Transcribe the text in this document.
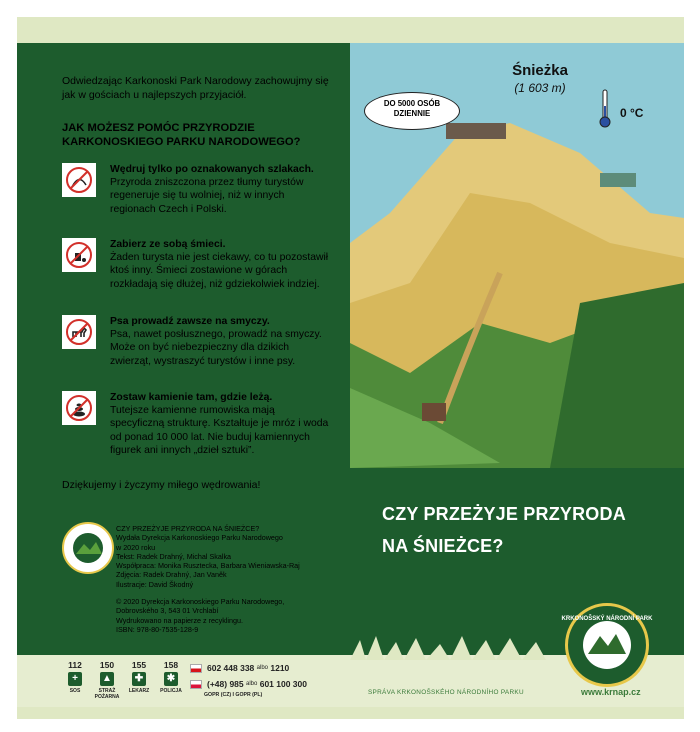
Odwiedzając Karkonoski Park Narodowy zachowujmy się jak w gościach u najlepszych przyjaciół.
JAK MOŻESZ POMÓC PRZYRODZIE KARKONOSKIEGO PARKU NARODOWEGO?
Wędruj tylko po oznakowanych szlakach.
Przyroda zniszczona przez tłumy turystów regeneruje się tu wolniej, niż w innych regionach Czech i Polski.
Zabierz ze sobą śmieci.
Żaden turysta nie jest ciekawy, co tu pozostawił ktoś inny. Śmieci zostawione w górach rozkładają się dłużej, niż gdziekolwiek indziej.
Psa prowadź zawsze na smyczy.
Psa, nawet posłusznego, prowadź na smyczy. Może on być niebezpieczny dla dzikich zwierząt, wystraszyć turystów i inne psy.
Zostaw kamienie tam, gdzie leżą.
Tutejsze kamienne rumowiska mają specyficzną strukturę. Kształtuje je mróz i woda od ponad 10 000 lat. Nie buduj kamiennych figurek ani innych „dzieł sztuki”.
Dziękujemy i życzymy miłego wędrowania!
CZY PRZEŻYJE PRZYRODA NA ŚNIEŻCE?
Wydała Dyrekcja Karkonoskiego Parku Narodowego
w 2020 roku
Tekst: Radek Drahný, Michal Skalka
Współpraca: Monika Rusztecka, Barbara Wieniawska-Raj
Zdjęcia: Radek Drahný, Jan Vaněk
Ilustracje: David Škodný
© 2020 Dyrekcja Karkonoskiego Parku Narodowego,
Dobrovského 3, 543 01 Vrchlabí
Wydrukowano na papierze z recyklingu.
ISBN: 978-80-7535-128-9
112
+
SOS
150
▲
STRAŻ POŻARNA
155
✚
LEKARZ
158
✱
POLICJA
602 448 338
albo
1210
(+48) 985
albo
601 100 300
GOPR (CZ) I GOPR (PL)
Śnieżka
(1 603 m)
DO 5000 OSÓB DZIENNIE	0 °C
CZY PRZEŻYJE PRZYRODA
NA ŚNIEŻCE?
KRKONOŠSKÝ NÁRODNÍ PARK
SPRÁVA KRKONOŠSKÉHO NÁRODNÍHO PARKU	www.krnap.cz
